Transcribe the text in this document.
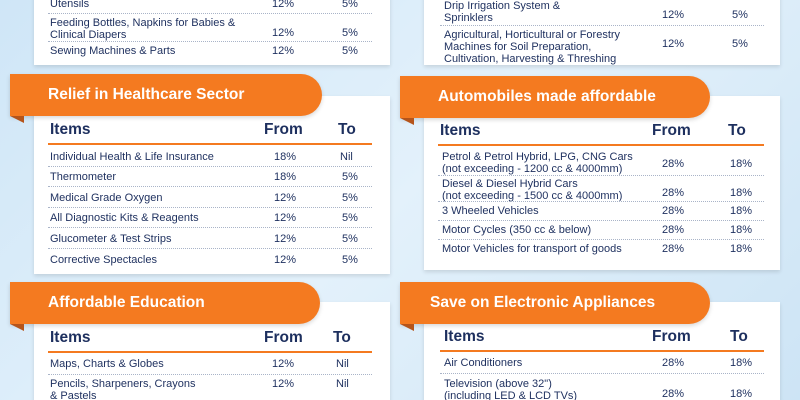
Utensils	12%	5%
Feeding Bottles, Napkins for Babies &
Clinical Diapers	12%	5%
Sewing Machines & Parts	12%	5%
Drip Irrigation System &
Sprinklers	12%	5%
Agricultural, Horticultural or Forestry
Machines for Soil Preparation,
Cultivation, Harvesting & Threshing
12%	5%
Relief in Healthcare Sector
Items	From To
Individual Health & Life Insurance	18%	Nil
Thermometer	18%	5%
Medical Grade Oxygen	12%	5%
All Diagnostic Kits & Reagents	12%	5%
Glucometer & Test Strips	12%	5%
Corrective Spectacles	12%	5%
Automobiles made affordable
Items	From To
Petrol & Petrol Hybrid, LPG, CNG Cars
(not exceeding - 1200 cc & 4000mm)	28%	18%
Diesel & Diesel Hybrid Cars
(not exceeding - 1500 cc & 4000mm)	28%	18%
3 Wheeled Vehicles	28%	18%
Motor Cycles (350 cc & below)	28%	18%
Motor Vehicles for transport of goods	28%	18%
Affordable Education
Items	From To
Maps, Charts & Globes	12%	Nil
Pencils, Sharpeners, Crayons
& Pastels
12%	Nil
Save on Electronic Appliances
Items	From	To
Air Conditioners	28%	18%
Television (above 32")
(including LED & LCD TVs)	28%	18%
